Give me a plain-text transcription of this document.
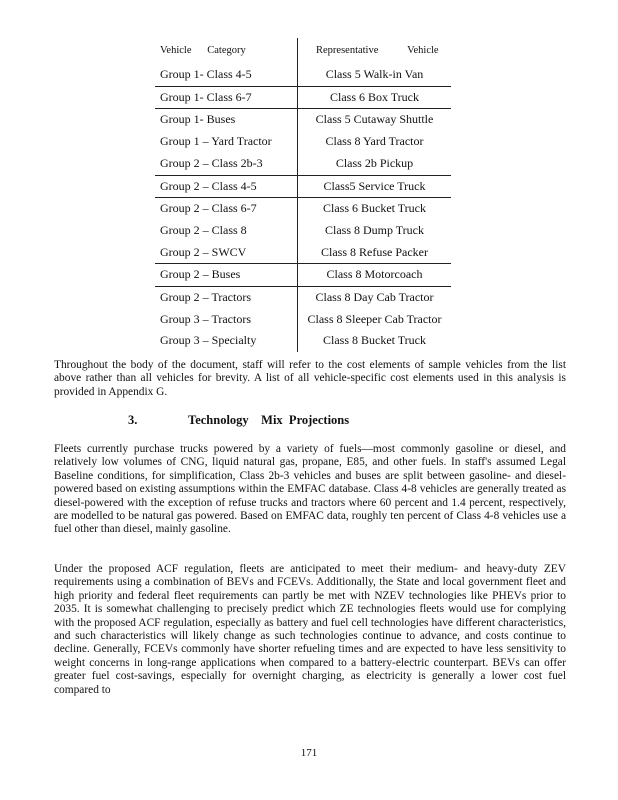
Vehicle      Category	Representative           Vehicle
Group 1- Class 4-5	Class 5 Walk-in Van
Group 1- Class 6-7	Class 6 Box Truck
Group 1- Buses	Class 5 Cutaway Shuttle
Group 1 – Yard Tractor	Class 8 Yard Tractor
Group 2 – Class 2b-3	Class 2b Pickup
Group 2 – Class 4-5	Class5 Service Truck
Group 2 – Class 6-7	Class 6 Bucket Truck
Group 2 – Class 8	Class 8 Dump Truck
Group 2 – SWCV	Class 8 Refuse Packer
Group 2 – Buses	Class 8 Motorcoach
Group 2 – Tractors	Class 8 Day Cab Tractor
Group 3 – Tractors	Class 8 Sleeper Cab Tractor
Group 3 – Specialty	Class 8 Bucket Truck

Throughout the body of the document, staff will refer to the cost elements of sample vehicles from the list above rather than all vehicles for brevity. A list of all vehicle-specific cost elements used in this analysis is provided in Appendix G.

3.	Technology    Mix  Projections

Fleets currently purchase trucks powered by a variety of fuels—most commonly gasoline or diesel, and relatively low volumes of CNG, liquid natural gas, propane, E85, and other fuels. In staff's assumed Legal Baseline conditions, for simplification, Class 2b-3 vehicles and buses are split between gasoline- and diesel-powered based on existing assumptions within the EMFAC database. Class 4-8 vehicles are generally treated as diesel-powered with the exception of refuse trucks and tractors where 60 percent and 1.4 percent, respectively, are modelled to be natural gas powered. Based on EMFAC data, roughly ten percent of Class 4-8 vehicles use a fuel other than diesel, mainly gasoline.

Under the proposed ACF regulation, fleets are anticipated to meet their medium- and heavy-duty ZEV requirements using a combination of BEVs and FCEVs. Additionally, the State and local government fleet and high priority and federal fleet requirements can partly be met with NZEV technologies like PHEVs prior to 2035. It is somewhat challenging to precisely predict which ZE technologies fleets would use for complying with the proposed ACF regulation, especially as battery and fuel cell technologies have different characteristics, and such characteristics will likely change as such technologies continue to advance, and costs continue to decline. Generally, FCEVs commonly have shorter refueling times and are expected to have less sensitivity to weight concerns in long-range applications when compared to a battery-electric counterpart. BEVs can offer greater fuel cost-savings, especially for overnight charging, as electricity is generally a lower cost fuel compared to

171
